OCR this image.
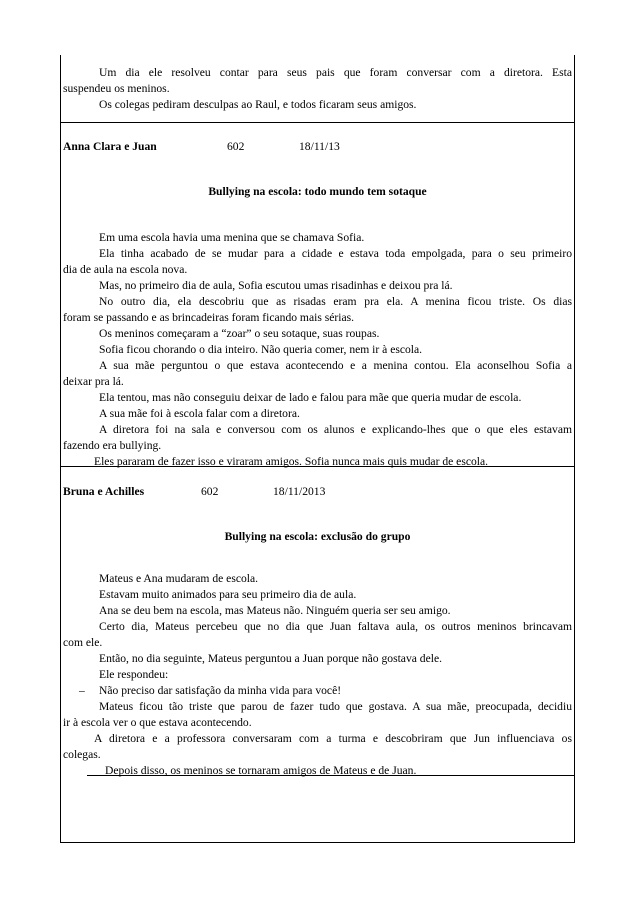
Um dia ele resolveu contar para seus pais que foram conversar com a diretora. Esta
suspendeu os meninos.
Os colegas pediram desculpas ao Raul, e todos ficaram seus amigos.
Anna Clara e Juan	602	18/11/13
Bullying na escola: todo mundo tem sotaque
Em uma escola havia uma menina que se chamava Sofia.
Ela tinha acabado de se mudar para a cidade e estava toda empolgada, para o seu primeiro
dia de aula na escola nova.
Mas, no primeiro dia de aula, Sofia escutou umas risadinhas e deixou pra lá.
No outro dia, ela descobriu que as risadas eram pra ela. A menina ficou triste. Os dias
foram se passando e as brincadeiras foram ficando mais sérias.
Os meninos começaram a “zoar” o seu sotaque, suas roupas.
Sofia ficou chorando o dia inteiro. Não queria comer, nem ir à escola.
A sua mãe perguntou o que estava acontecendo e a menina contou. Ela aconselhou Sofia a
deixar pra lá.
Ela tentou, mas não conseguiu deixar de lado e falou para mãe que queria mudar de escola.
A sua mãe foi à escola falar com a diretora.
A diretora foi na sala e conversou com os alunos e explicando-lhes que o que eles estavam
fazendo era bullying.
Eles pararam de fazer isso e viraram amigos. Sofia nunca mais quis mudar de escola.
Bruna e Achilles	602	18/11/2013
Bullying na escola: exclusão do grupo
Mateus e Ana mudaram de escola.
Estavam muito animados para seu primeiro dia de aula.
Ana se deu bem na escola, mas Mateus não. Ninguém queria ser seu amigo.
Certo dia, Mateus percebeu que no dia que Juan faltava aula, os outros meninos brincavam
com ele.
Então, no dia seguinte, Mateus perguntou a Juan porque não gostava dele.
Ele respondeu:
– Não preciso dar satisfação da minha vida para você!
Mateus ficou tão triste que parou de fazer tudo que gostava. A sua mãe, preocupada, decidiu
ir à escola ver o que estava acontecendo.
A diretora e a professora conversaram com a turma e descobriram que Jun influenciava os
colegas.
Depois disso, os meninos se tornaram amigos de Mateus e de Juan.
